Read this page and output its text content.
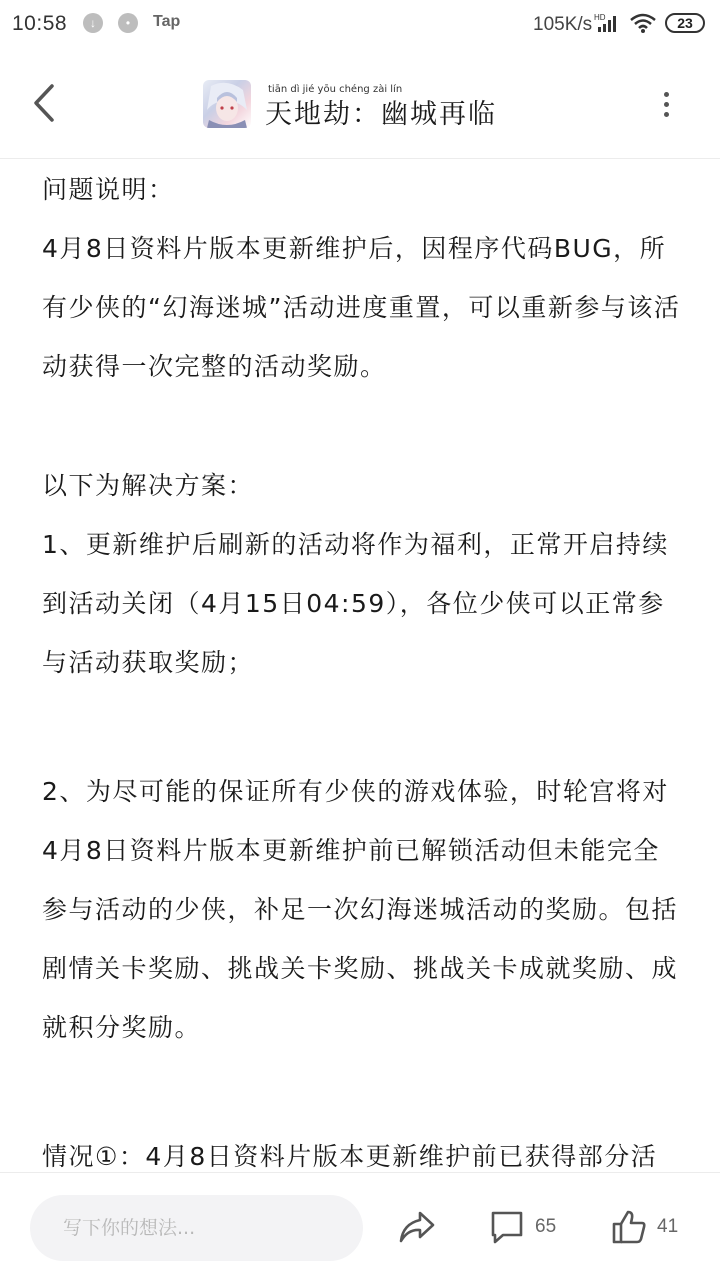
10:58	↓	•	Tap	105K/s HD	23
tiān dì jié yōu chéng zài lín
天地劫：幽城再临

问题说明：

4月8日资料片版本更新维护后，因程序代码BUG，所有少侠的“幻海迷城”活动进度重置，可以重新参与该活动获得一次完整的活动奖励。

以下为解决方案：

1、更新维护后刷新的活动将作为福利，正常开启持续到活动关闭（4月15日04:59），各位少侠可以正常参与活动获取奖励；

2、为尽可能的保证所有少侠的游戏体验，时轮宫将对4月8日资料片版本更新维护前已解锁活动但未能完全参与活动的少侠，补足一次幻海迷城活动的奖励。包括剧情关卡奖励、挑战关卡奖励、挑战关卡成就奖励、成就积分奖励。

情况①：4月8日资料片版本更新维护前已获得部分活

写下你的想法...	65	41
